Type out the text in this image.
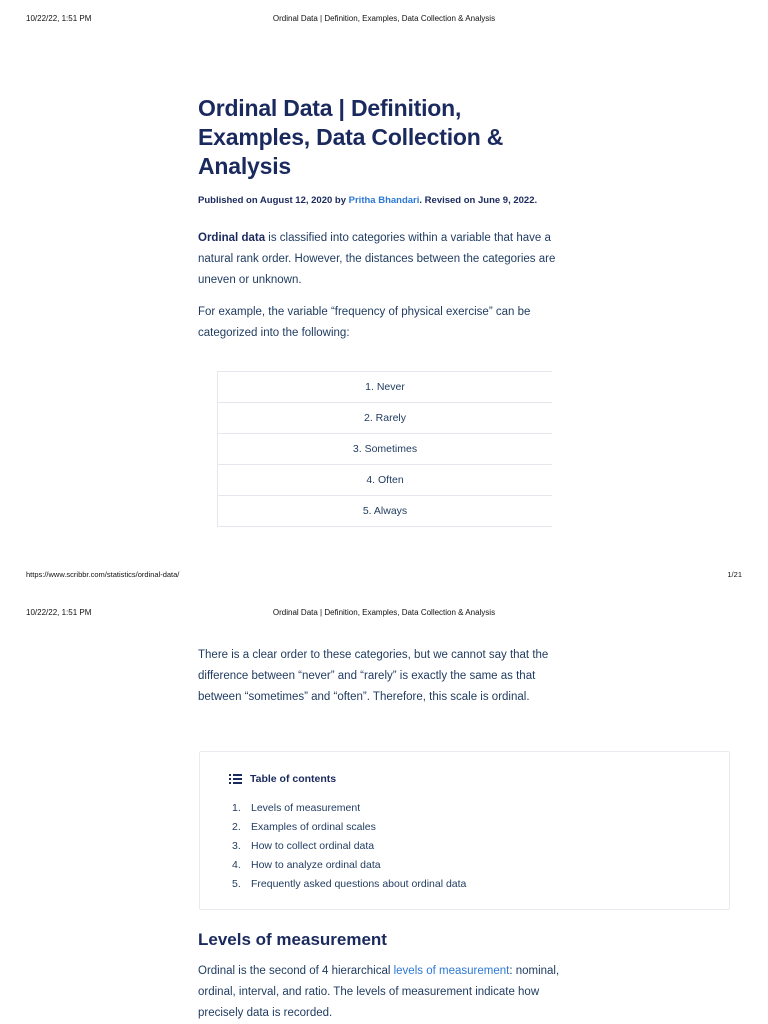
10/22/22, 1:51 PM	Ordinal Data | Definition, Examples, Data Collection & Analysis
Ordinal Data | Definition, Examples, Data Collection & Analysis
Published on August 12, 2020 by Pritha Bhandari. Revised on June 9, 2022.

Ordinal data is classified into categories within a variable that have a natural rank order. However, the distances between the categories are uneven or unknown.

For example, the variable “frequency of physical exercise” can be categorized into the following:

1. Never
2. Rarely
3. Sometimes
4. Often
5. Always
https://www.scribbr.com/statistics/ordinal-data/	1/21
10/22/22, 1:51 PM	Ordinal Data | Definition, Examples, Data Collection & Analysis

There is a clear order to these categories, but we cannot say that the difference between “never” and “rarely” is exactly the same as that between “sometimes” and “often”. Therefore, this scale is ordinal.

Table of contents
1. Levels of measurement
2. Examples of ordinal scales
3. How to collect ordinal data
4. How to analyze ordinal data
5. Frequently asked questions about ordinal data
Levels of measurement

Ordinal is the second of 4 hierarchical levels of measurement: nominal, ordinal, interval, and ratio. The levels of measurement indicate how precisely data is recorded.
